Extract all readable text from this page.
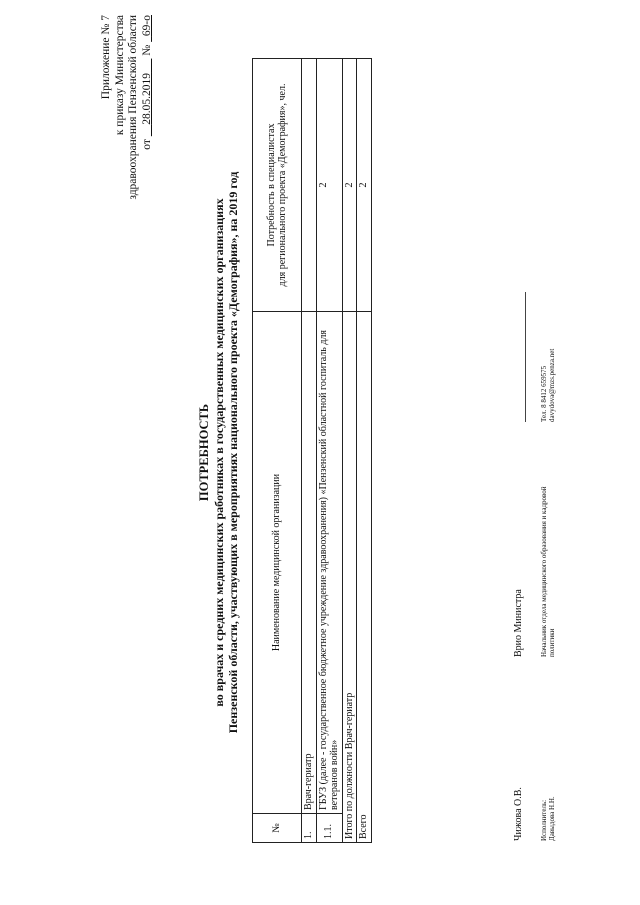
Приложение № 7 к приказу Министерства здравоохранения Пензенской области от     28.05.2019      №   69-о
ПОТРЕБНОСТЬ во врачах и средних медицинских работниках в государственных медицинских организациях Пензенской области, участвующих в мероприятиях национального проекта «Демография», на 2019 год
№	Наименование медицинской организации	Потребность в специалистах для регионального проекта «Демография», чел.

1.	Врач-гериатр	
1.1.	ГБУЗ (далее - государственное бюджетное учреждение здравоохранения) «Пензенский областной госпиталь для ветеранов войн»	2
Итого по должности Врач-гериатр		2
Всего		2
Чижова О.В.
Врио Министра
Исполнитель: Давыдова Н.Н.
Начальник отдела медицинского образования и кадровой политики
Тел. 8 8412 659575 davydova@mzs.penza.net
